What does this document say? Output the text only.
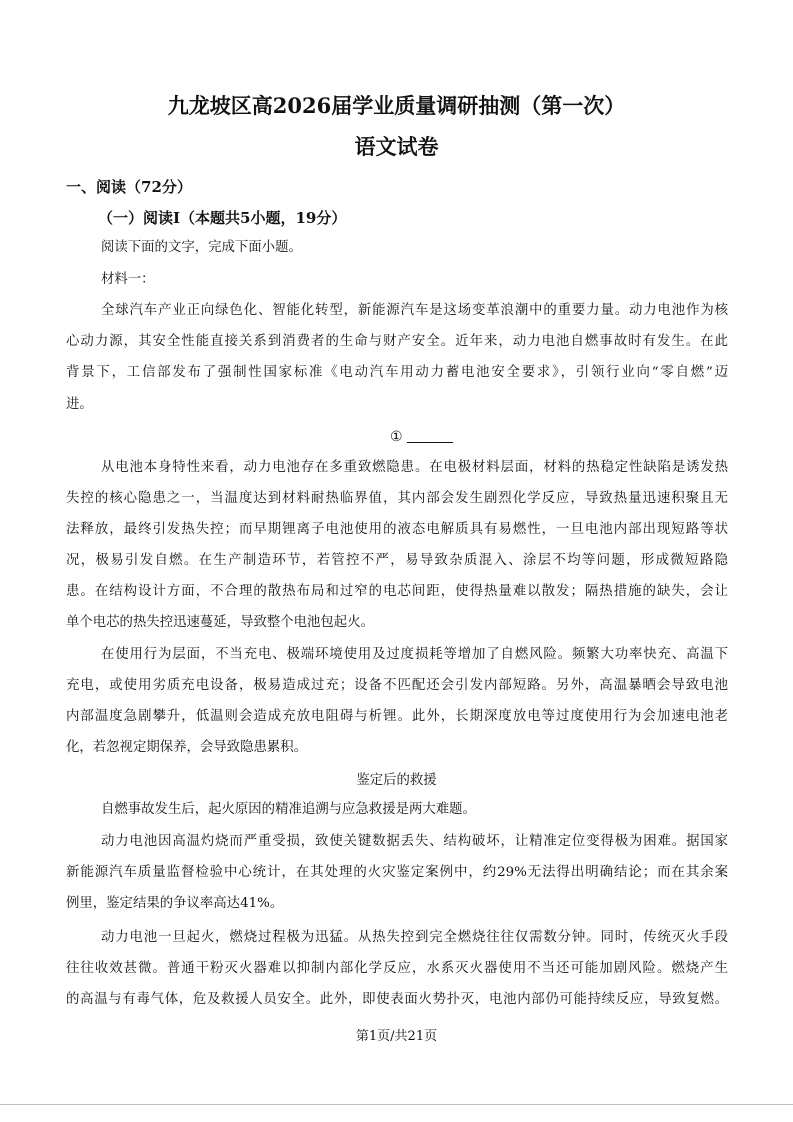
九龙坡区高2026届学业质量调研抽测（第一次）
语文试卷
一、阅读（72分）
（一）阅读Ⅰ（本题共5小题，19分）
阅读下面的文字，完成下面小题。
材料一：
全球汽车产业正向绿色化、智能化转型，新能源汽车是这场变革浪潮中的重要力量。动力电池作为核
心动力源，其安全性能直接关系到消费者的生命与财产安全。近年来，动力电池自燃事故时有发生。在此
背景下，工信部发布了强制性国家标准《电动汽车用动力蓄电池安全要求》，引领行业向“零自燃”迈
进。
①
从电池本身特性来看，动力电池存在多重致燃隐患。在电极材料层面，材料的热稳定性缺陷是诱发热
失控的核心隐患之一，当温度达到材料耐热临界值，其内部会发生剧烈化学反应，导致热量迅速积聚且无
法释放，最终引发热失控；而早期锂离子电池使用的液态电解质具有易燃性，一旦电池内部出现短路等状
况，极易引发自燃。在生产制造环节，若管控不严，易导致杂质混入、涂层不均等问题，形成微短路隐
患。在结构设计方面，不合理的散热布局和过窄的电芯间距，使得热量难以散发；隔热措施的缺失，会让
单个电芯的热失控迅速蔓延，导致整个电池包起火。
在使用行为层面，不当充电、极端环境使用及过度损耗等增加了自燃风险。频繁大功率快充、高温下
充电，或使用劣质充电设备，极易造成过充；设备不匹配还会引发内部短路。另外，高温暴晒会导致电池
内部温度急剧攀升，低温则会造成充放电阻碍与析锂。此外，长期深度放电等过度使用行为会加速电池老
化，若忽视定期保养，会导致隐患累积。
鉴定后的救援
自燃事故发生后，起火原因的精准追溯与应急救援是两大难题。
动力电池因高温灼烧而严重受损，致使关键数据丢失、结构破坏，让精准定位变得极为困难。据国家
新能源汽车质量监督检验中心统计，在其处理的火灾鉴定案例中，约29%无法得出明确结论；而在其余案
例里，鉴定结果的争议率高达41%。
动力电池一旦起火，燃烧过程极为迅猛。从热失控到完全燃烧往往仅需数分钟。同时，传统灭火手段
往往收效甚微。普通干粉灭火器难以抑制内部化学反应，水系灭火器使用不当还可能加剧风险。燃烧产生
的高温与有毒气体，危及救援人员安全。此外，即使表面火势扑灭，电池内部仍可能持续反应，导致复燃。
第1页/共21页
